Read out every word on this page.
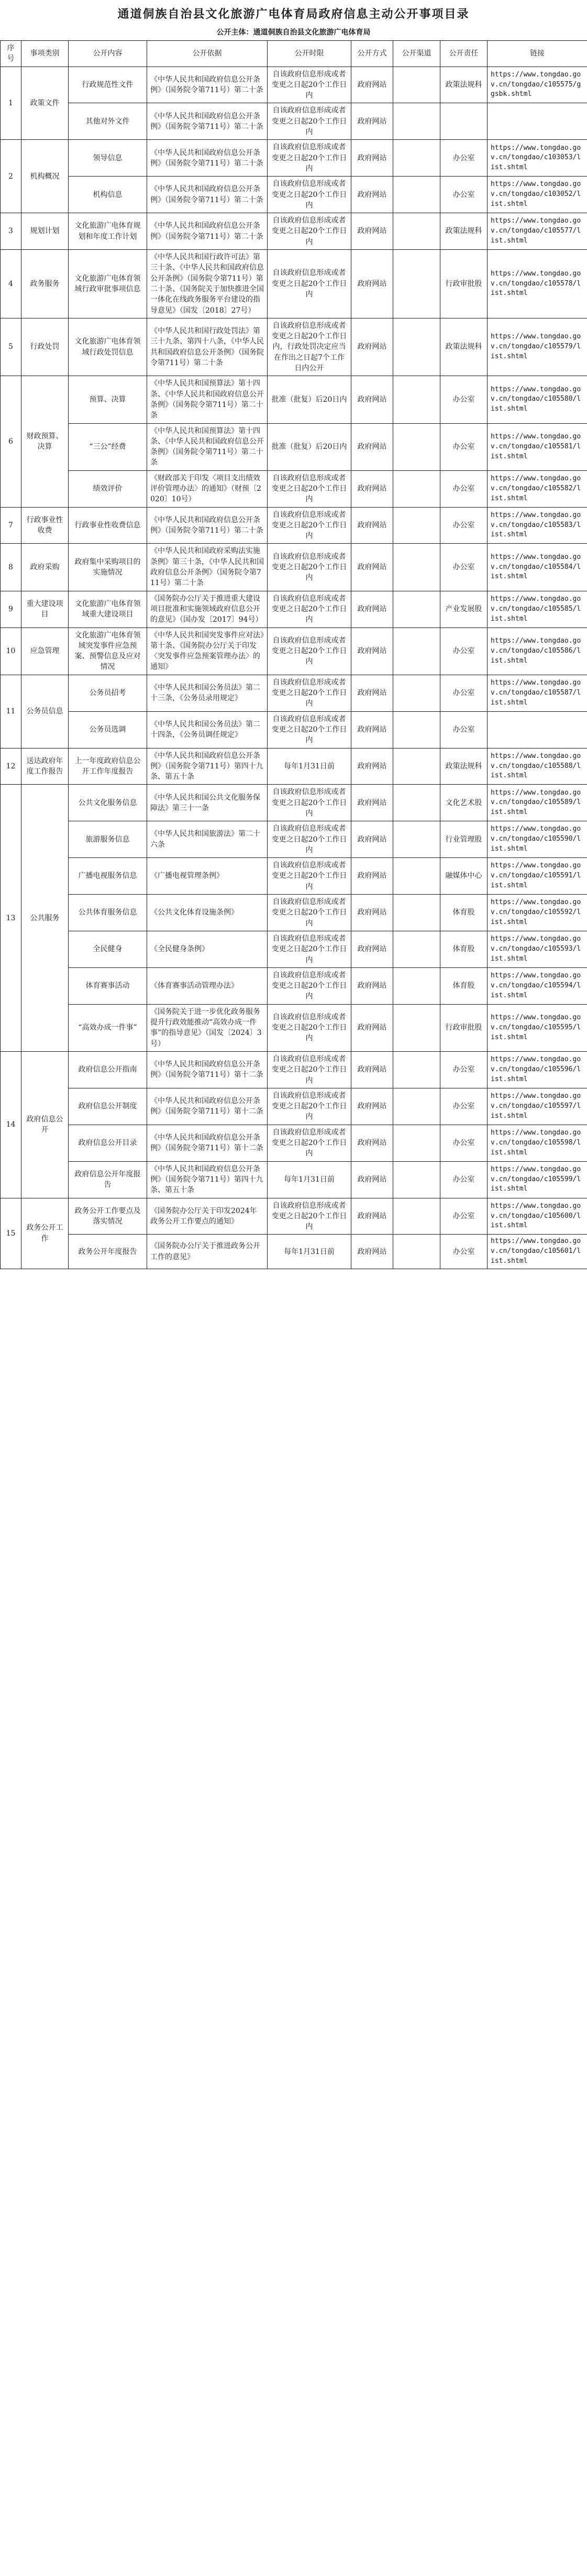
通道侗族自治县文化旅游广电体育局政府信息主动公开事项目录
公开主体：通道侗族自治县文化旅游广电体育局
序号	事项类别	公开内容	公开依据	公开时限	公开方式	公开渠道	公开责任	链接
1	政策文件	行政规范性文件	《中华人民共和国政府信息公开条例》（国务院令第711号）第二十条	自该政府信息形成或者变更之日起20个工作日内	政府网站		政策法规科	https://www.tongdao.gov.cn/tongdao/c105575/ggsbk.shtml
		其他对外文件	《中华人民共和国政府信息公开条例》（国务院令第711号）第二十条	自该政府信息形成或者变更之日起20个工作日内	政府网站			
2	机构概况	领导信息	《中华人民共和国政府信息公开条例》（国务院令第711号）第二十条	自该政府信息形成或者变更之日起20个工作日内	政府网站		办公室	https://www.tongdao.gov.cn/tongdao/c103053/list.shtml
		机构信息	《中华人民共和国政府信息公开条例》（国务院令第711号）第二十条	自该政府信息形成或者变更之日起20个工作日内	政府网站		办公室	https://www.tongdao.gov.cn/tongdao/c103052/list.shtml
3	规划计划	文化旅游广电体育规划和年度工作计划	《中华人民共和国政府信息公开条例》（国务院令第711号）第二十条	自该政府信息形成或者变更之日起20个工作日内	政府网站		政策法规科	https://www.tongdao.gov.cn/tongdao/c105577/list.shtml
4	政务服务	文化旅游广电体育领域行政审批事项信息	《中华人民共和国行政许可法》第三十条、《中华人民共和国政府信息公开条例》（国务院令第711号）第二十条、《国务院关于加快推进全国一体化在线政务服务平台建设的指导意见》（国发〔2018〕27号）	自该政府信息形成或者变更之日起20个工作日内	政府网站		行政审批股	https://www.tongdao.gov.cn/tongdao/c105578/list.shtml
5	行政处罚	文化旅游广电体育领域行政处罚信息	《中华人民共和国行政处罚法》第三十九条、第四十八条，《中华人民共和国政府信息公开条例》（国务院令第711号）第二十条	自该政府信息形成或者变更之日起20个工作日内，行政处罚决定应当在作出之日起7个工作日内公开	政府网站		政策法规科	https://www.tongdao.gov.cn/tongdao/c105579/list.shtml
6	财政预算、决算	预算、决算	《中华人民共和国预算法》第十四条、《中华人民共和国政府信息公开条例》（国务院令第711号）第二十条	批准（批复）后20日内	政府网站		办公室	https://www.tongdao.gov.cn/tongdao/c105580/list.shtml
		“三公”经费	《中华人民共和国预算法》第十四条、《中华人民共和国政府信息公开条例》（国务院令第711号）第二十条	批准（批复）后20日内	政府网站		办公室	https://www.tongdao.gov.cn/tongdao/c105581/list.shtml
		绩效评价	《财政部关于印发〈项目支出绩效评价管理办法〉的通知》（财预〔2020〕10号）	自该政府信息形成或者变更之日起20个工作日内	政府网站		办公室	https://www.tongdao.gov.cn/tongdao/c105582/list.shtml
7	行政事业性收费	行政事业性收费信息	《中华人民共和国政府信息公开条例》（国务院令第711号）第二十条	自该政府信息形成或者变更之日起20个工作日内	政府网站		办公室	https://www.tongdao.gov.cn/tongdao/c105583/list.shtml
8	政府采购	政府集中采购项目的实施情况	《中华人民共和国政府采购法实施条例》第三十条，《中华人民共和国政府信息公开条例》（国务院令第711号）第二十条	自该政府信息形成或者变更之日起20个工作日内	政府网站		办公室	https://www.tongdao.gov.cn/tongdao/c105584/list.shtml
9	重大建设项目	文化旅游广电体育领域重大建设项目	《国务院办公厅关于推进重大建设项目批准和实施领域政府信息公开的意见》（国办发〔2017〕94号）	自该政府信息形成或者变更之日起20个工作日内	政府网站		产业发展股	https://www.tongdao.gov.cn/tongdao/c105585/list.shtml
10	应急管理	文化旅游广电体育领域突发事件应急预案、预警信息及应对情况	《中华人民共和国突发事件应对法》第十条、《国务院办公厅关于印发〈突发事件应急预案管理办法〉的通知》	自该政府信息形成或者变更之日起20个工作日内	政府网站		办公室	https://www.tongdao.gov.cn/tongdao/c105586/list.shtml
11	公务员信息	公务员招考	《中华人民共和国公务员法》第二十三条，《公务员录用规定》	自该政府信息形成或者变更之日起20个工作日内	政府网站		办公室	https://www.tongdao.gov.cn/tongdao/c105587/list.shtml
		公务员选调	《中华人民共和国公务员法》第二十四条，《公务员调任规定》	自该政府信息形成或者变更之日起20个工作日内	政府网站		办公室	
12	送达政府年度工作报告	上一年度政府信息公开工作年度报告	《中华人民共和国政府信息公开条例》（国务院令第711号）第四十九条、第五十条	每年1月31日前	政府网站		政策法规科	https://www.tongdao.gov.cn/tongdao/c105588/list.shtml
13	公共服务	公共文化服务信息	《中华人民共和国公共文化服务保障法》第三十一条	自该政府信息形成或者变更之日起20个工作日内	政府网站		文化艺术股	https://www.tongdao.gov.cn/tongdao/c105589/list.shtml
		旅游服务信息	《中华人民共和国旅游法》第二十六条	自该政府信息形成或者变更之日起20个工作日内	政府网站		行业管理股	https://www.tongdao.gov.cn/tongdao/c105590/list.shtml
		广播电视服务信息	《广播电视管理条例》	自该政府信息形成或者变更之日起20个工作日内	政府网站		融媒体中心	https://www.tongdao.gov.cn/tongdao/c105591/list.shtml
		公共体育服务信息	《公共文化体育设施条例》	自该政府信息形成或者变更之日起20个工作日内	政府网站		体育股	https://www.tongdao.gov.cn/tongdao/c105592/list.shtml
		全民健身	《全民健身条例》	自该政府信息形成或者变更之日起20个工作日内	政府网站		体育股	https://www.tongdao.gov.cn/tongdao/c105593/list.shtml
		体育赛事活动	《体育赛事活动管理办法》	自该政府信息形成或者变更之日起20个工作日内	政府网站		体育股	https://www.tongdao.gov.cn/tongdao/c105594/list.shtml
		“高效办成一件事”	《国务院关于进一步优化政务服务提升行政效能推动“高效办成一件事”的指导意见》（国发〔2024〕3号）	自该政府信息形成或者变更之日起20个工作日内	政府网站		行政审批股	https://www.tongdao.gov.cn/tongdao/c105595/list.shtml
14	政府信息公开	政府信息公开指南	《中华人民共和国政府信息公开条例》（国务院令第711号）第十二条	自该政府信息形成或者变更之日起20个工作日内	政府网站		办公室	https://www.tongdao.gov.cn/tongdao/c105596/list.shtml
		政府信息公开制度	《中华人民共和国政府信息公开条例》（国务院令第711号）第十二条	自该政府信息形成或者变更之日起20个工作日内	政府网站		办公室	https://www.tongdao.gov.cn/tongdao/c105597/list.shtml
		政府信息公开目录	《中华人民共和国政府信息公开条例》（国务院令第711号）第十二条	自该政府信息形成或者变更之日起20个工作日内	政府网站		办公室	https://www.tongdao.gov.cn/tongdao/c105598/list.shtml
		政府信息公开年度报告	《中华人民共和国政府信息公开条例》（国务院令第711号）第四十九条、第五十条	每年1月31日前	政府网站		办公室	https://www.tongdao.gov.cn/tongdao/c105599/list.shtml
15	政务公开工作	政务公开工作要点及落实情况	《国务院办公厅关于印发2024年政务公开工作要点的通知》	自该政府信息形成或者变更之日起20个工作日内	政府网站		办公室	https://www.tongdao.gov.cn/tongdao/c105600/list.shtml
		政务公开年度报告	《国务院办公厅关于推进政务公开工作的意见》	每年1月31日前	政府网站		办公室	https://www.tongdao.gov.cn/tongdao/c105601/list.shtml
